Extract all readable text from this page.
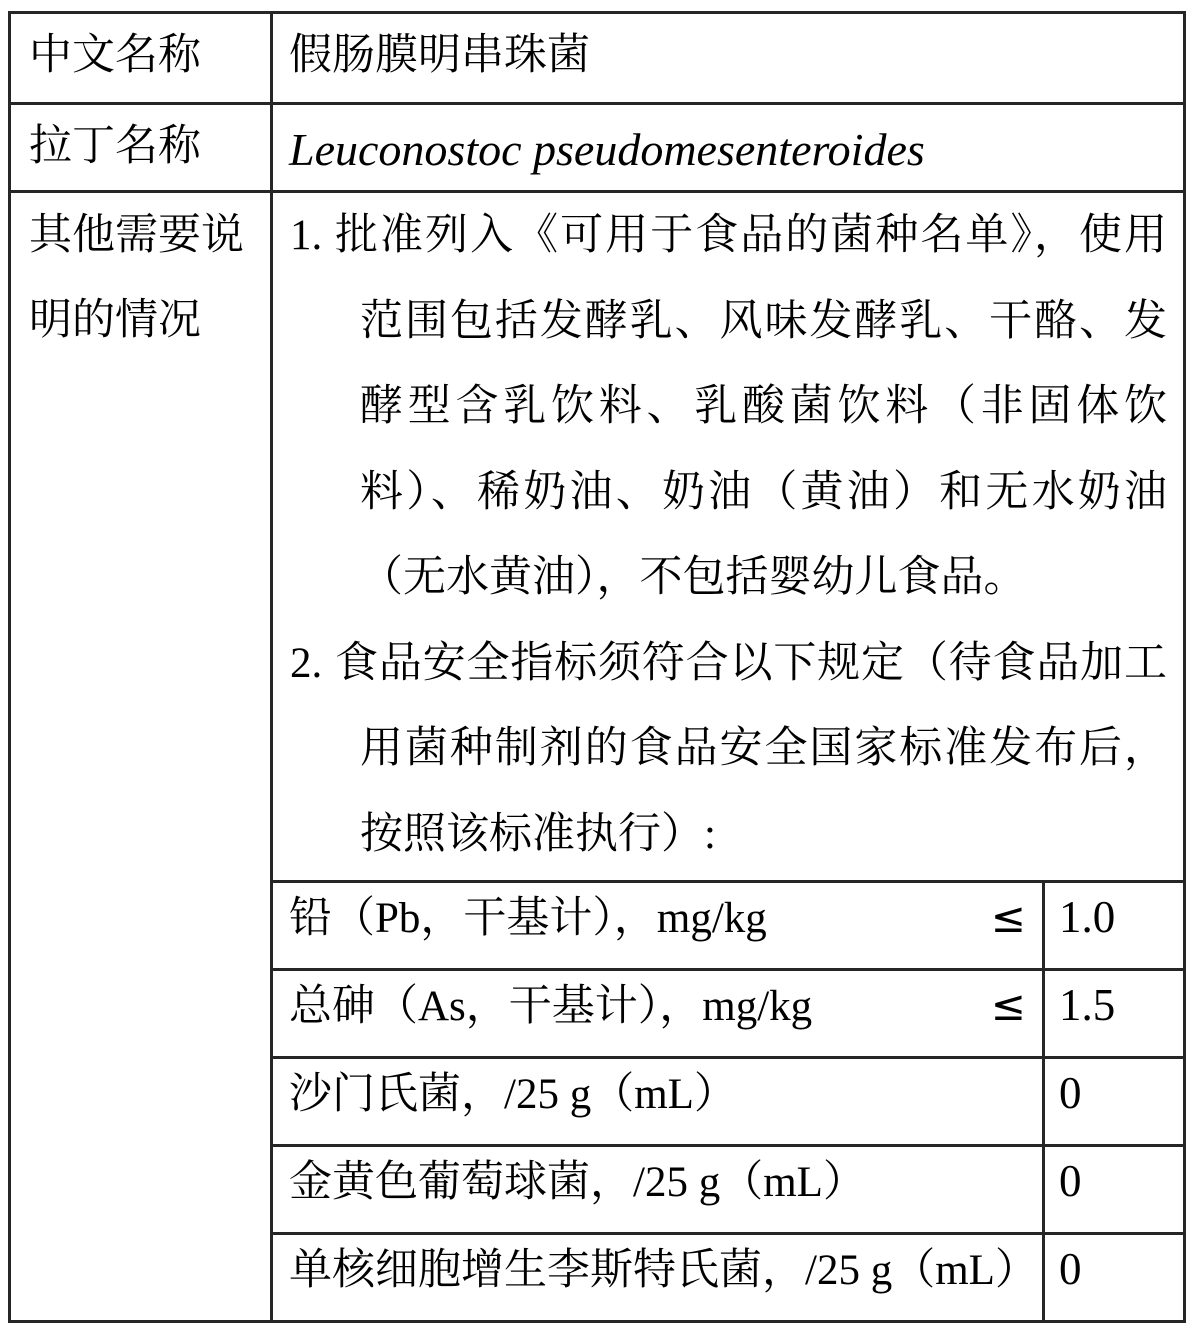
中文名称	假肠膜明串珠菌
拉丁名称	Leuconostoc pseudomesenteroides
其他需要说明的情况
1. 批准列入《可用于食品的菌种名单》，使用范围包括发酵乳、风味发酵乳、干酪、发酵型含乳饮料、乳酸菌饮料（非固体饮料）、稀奶油、奶油（黄油）和无水奶油（无水黄油），不包括婴幼儿食品。
2. 食品安全指标须符合以下规定（待食品加工用菌种制剂的食品安全国家标准发布后，按照该标准执行）:
铅（Pb，干基计），mg/kg	≤ 1.0
总砷（As，干基计），mg/kg	≤ 1.5
沙门氏菌，/25 g（mL）	0
金黄色葡萄球菌，/25 g（mL）	0
单核细胞增生李斯特氏菌，/25 g（mL） 0
